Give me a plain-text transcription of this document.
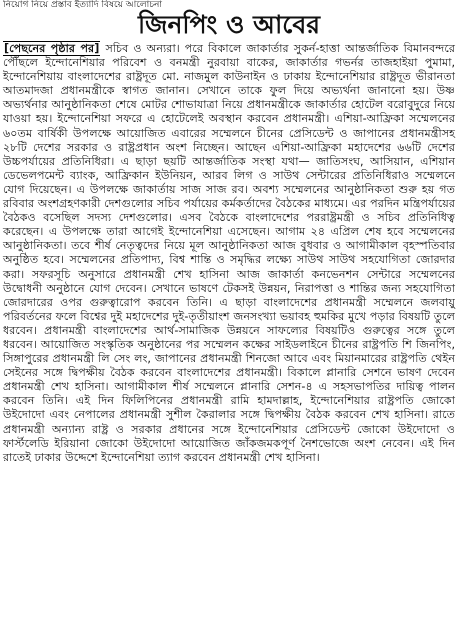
নিয়োগ নিয়ে প্রস্তাব ইত্যাদি বিষয়ে আলোচনা
জিনপিং ও আবের

[পেছনের পৃষ্ঠার পর] সচিব ও অন্যরা। পরে বিকালে জাকার্তার সুকর্ন-হাত্তা আন্তর্জাতিক বিমানবন্দরে পৌঁছলে ইন্দোনেশিয়ার পরিবেশ ও বনমন্ত্রী নুরবায়া বাকের, জাকার্তার গভর্নর তাজহাইয়া পুমামা, ইন্দোনেশিয়ায় বাংলাদেশের রাষ্ট্রদূত মো. নাজমুল কাউনাইন ও ঢাকায় ইন্দোনেশিয়ার রাষ্ট্রদূত ভীরানতা আতমাদজা প্রধানমন্ত্রীকে স্বাগত জানান। সেখানে তাকে ফুল দিয়ে অভ্যর্থনা জানানো হয়। উষ্ণ অভ্যর্থনার আনুষ্ঠানিকতা শেষে মোটর শোভাযাত্রা নিয়ে প্রধানমন্ত্রীকে জাকার্তার হোটেল বরোবুদুরে নিয়ে যাওয়া হয়। ইন্দোনেশিয়া সফরে এ হোটেলেই অবস্থান করবেন প্রধানমন্ত্রী। এশিয়া-আফ্রিকা সম্মেলনের ৬০তম বার্ষিকী উপলক্ষে আয়োজিত এবারের সম্মেলনে চীনের প্রেসিডেন্ট ও জাপানের প্রধানমন্ত্রীসহ ২৮টি দেশের সরকার ও রাষ্ট্রপ্রধান অংশ নিচ্ছেন। আছেন এশিয়া-আফ্রিকা মহাদেশের ৬৬টি দেশের উচ্চপর্যায়ের প্রতিনিধিরা। এ ছাড়া ছয়টি আন্তর্জাতিক সংস্থা যথা— জাতিসংঘ, আসিয়ান, এশিয়ান ডেভেলপমেন্ট ব্যাংক, আফ্রিকান ইউনিয়ন, আরব লিগ ও সাউথ সেন্টারের প্রতিনিধিরাও সম্মেলনে যোগ দিয়েছেন। এ উপলক্ষে জাকার্তায় সাজ সাজ রব। অবশ্য সম্মেলনের আনুষ্ঠানিকতা শুরু হয় গত রবিবার অংশগ্রহণকারী দেশগুলোর সচিব পর্যায়ের কর্মকর্তাদের বৈঠকের মাধ্যমে। এর পরদিন মন্ত্রিপর্যায়ের বৈঠকও বসেছিল সদস্য দেশগুলোর। এসব বৈঠকে বাংলাদেশের পররাষ্ট্রমন্ত্রী ও সচিব প্রতিনিধিত্ব করেছেন। এ উপলক্ষে তারা আগেই ইন্দোনেশিয়া এসেছেন। আগাম ২৪ এপ্রিল শেষ হবে সম্মেলনের আনুষ্ঠানিকতা। তবে শীর্ষ নেতৃত্বদের নিয়ে মূল আনুষ্ঠানিকতা আজ বুধবার ও আগামীকাল বৃহস্পতিবার অনুষ্ঠিত হবে। সম্মেলনের প্রতিপাদ্য, বিশ্ব শান্তি ও সমৃদ্ধির লক্ষ্যে সাউথ সাউথ সহযোগিতা জোরদার করা। সফরসূচি অনুসারে প্রধানমন্ত্রী শেখ হাসিনা আজ জাকার্তা কনভেনশন সেন্টারে সম্মেলনের উদ্বোধনী অনুষ্ঠানে যোগ দেবেন। সেখানে ভাষণে টেকসই উন্নয়ন, নিরাপত্তা ও শান্তির জন্য সহযোগিতা জোরদারের ওপর গুরুত্বারোপ করবেন তিনি। এ ছাড়া বাংলাদেশের প্রধানমন্ত্রী সম্মেলনে জলবায়ু পরিবর্তনের ফলে বিশ্বের দুই মহাদেশের দুই-তৃতীয়াংশ জনসংখ্যা ভয়াবহ হুমকির মুখে পড়ার বিষয়টি তুলে ধরবেন। প্রধানমন্ত্রী বাংলাদেশের আর্থ-সামাজিক উন্নয়নে সাফল্যের বিষয়টিও গুরুত্বের সঙ্গে তুলে ধরবেন। আয়োজিত সংস্কৃতিক অনুষ্ঠানের পর সম্মেলন কক্ষের সাইডলাইনে চীনের রাষ্ট্রপতি শি জিনপিং, সিঙ্গাপুরের প্রধানমন্ত্রী লি সেং লং, জাপানের প্রধানমন্ত্রী শিনজো আবে এবং মিয়ানমারের রাষ্ট্রপতি থেইন সেইনের সঙ্গে দ্বিপক্ষীয় বৈঠক করবেন বাংলাদেশের প্রধানমন্ত্রী। বিকালে প্লানারি সেশনে ভাষণ দেবেন প্রধানমন্ত্রী শেখ হাসিনা। আগামীকাল শীর্ষ সম্মেলনে প্লানারি সেশন-৪ এ সহসভাপতির দায়িত্ব পালন করবেন তিনি। এই দিন ফিলিপিনের প্রধানমন্ত্রী রামি হামদাল্লাহ, ইন্দোনেশিয়ার রাষ্ট্রপতি জোকো উইদোদো এবং নেপালের প্রধানমন্ত্রী সুশীল কৈরালার সঙ্গে দ্বিপক্ষীয় বৈঠক করবেন শেখ হাসিনা। রাতে প্রধানমন্ত্রী অন্যান্য রাষ্ট্র ও সরকার প্রধানের সঙ্গে ইন্দোনেশিয়ার প্রেসিডেন্ট জোকো উইদোদো ও ফার্স্টলেডি ইরিয়ানা জোকো উইদোদো আয়োজিত জাঁকজমকপূর্ণ নৈশভোজে অংশ নেবেন। এই দিন রাতেই ঢাকার উদ্দেশে ইন্দোনেশিয়া ত্যাগ করবেন প্রধানমন্ত্রী শেখ হাসিনা।
